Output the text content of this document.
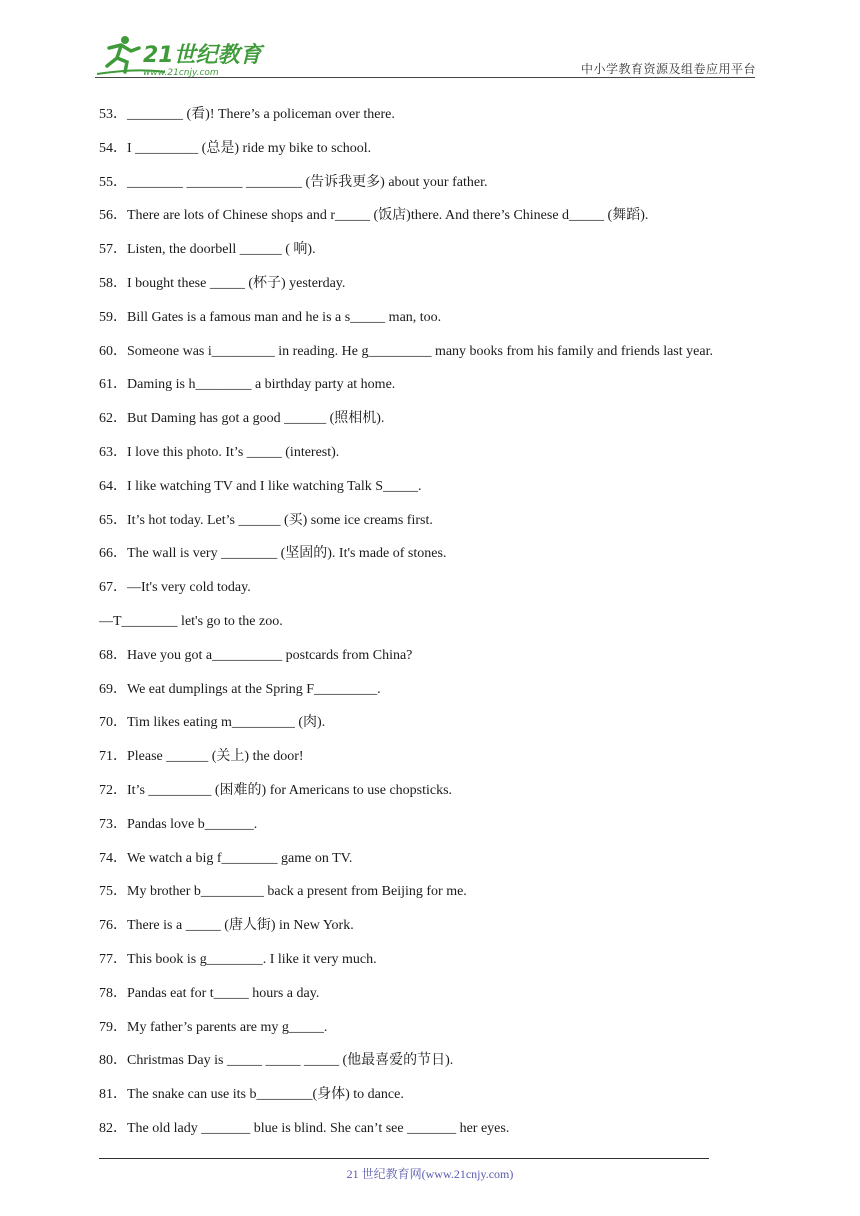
21世纪教育
www.21cnjy.com	中小学教育资源及组卷应用平台
53．________ (看)! There’s a policeman over there.
54．I _________ (总是) ride my bike to school.
55．________ ________ ________ (告诉我更多) about your father.
56．There are lots of Chinese shops and r_____ (饭店)there. And there’s Chinese d_____ (舞蹈).
57．Listen, the doorbell ______ ( 响).
58．I bought these _____ (杯子) yesterday.
59．Bill Gates is a famous man and he is a s_____ man, too.
60．Someone was i_________ in reading. He g_________ many books from his family and friends last year.
61．Daming is h________ a birthday party at home.
62．But Daming has got a good ______ (照相机).
63．I love this photo. It’s _____ (interest).
64．I like watching TV and I like watching Talk S_____.
65．It’s hot today. Let’s ______ (买) some ice creams first.
66．The wall is very ________ (坚固的). It's made of stones.
67．—It's very cold today.
—T________ let's go to the zoo.
68．Have you got a__________ postcards from China?
69．We eat dumplings at the Spring F_________.
70．Tim likes eating m_________ (肉).
71．Please ______ (关上) the door!
72．It’s _________ (困难的) for Americans to use chopsticks.
73．Pandas love b_______.
74．We watch a big f________ game on TV.
75．My brother b_________ back a present from Beijing for me.
76．There is a _____ (唐人街) in New York.
77．This book is g________. I like it very much.
78．Pandas eat for t_____ hours a day.
79．My father’s parents are my g_____.
80．Christmas Day is _____ _____ _____ (他最喜爱的节日).
81．The snake can use its b________(身体) to dance.
82．The old lady _______ blue is blind. She can’t see _______ her eyes.
21 世纪教育网(www.21cnjy.com)
